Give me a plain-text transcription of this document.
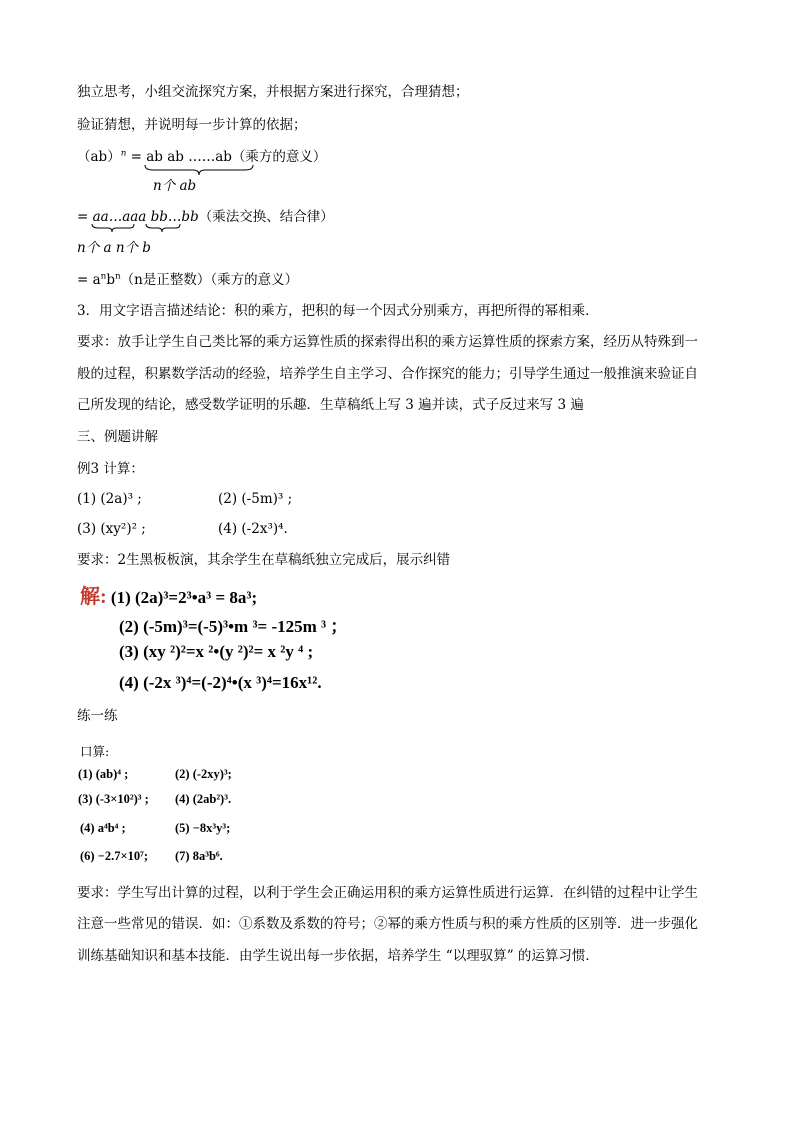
独立思考，小组交流探究方案，并根据方案进行探究，合理猜想；
验证猜想，并说明每一步计算的依据；
（ab）$^n$ = ab ab ……ab（乘方的意义）
n个 ab
= aa…aaa bb…bb（乘法交换、结合律）
n个 a n个 b
= $a^nb^n(n$是正整数）（乘方的意义）
3．用文字语言描述结论：积的乘方，把积的每一个因式分别乘方，再把所得的幂相乘．
要求：放手让学生自己类比幂的乘方运算性质的探索得出积的乘方运算性质的探索方案，经历从特殊到一
般的过程，积累数学活动的经验，培养学生自主学习、合作探究的能力；引导学生通过一般推演来验证自
己所发现的结论，感受数学证明的乐趣．生草稿纸上写 3 遍并读，式子反过来写 3 遍
三、例题讲解
例3 计算：
(1) (2a)³ ;	(2) (-5m)³ ;
(3) (xy²)² ;	(4) (-2x³)⁴.
要求：2生黑板板演，其余学生在草稿纸独立完成后，展示纠错
解: (1) (2a)³=2³•a³ = 8a³;
(2) (-5m)³=(-5)³•m ³= -125m ³ ；
(3) (xy ²)²=x ²•(y ²)²= x ²y ⁴ ;
(4) (-2x ³)⁴=(-2)⁴•(x ³)⁴=16x¹².
练一练
口算:
(1) (ab)⁴ ;	(2) (-2xy)³;
(3) (-3×10²)³ ; (4) (2ab²)³.
(4) a⁴b⁴ ;	(5) −8x³y³;
(6) −2.7×10⁷; (7) 8a³b⁶.
要求：学生写出计算的过程，以利于学生会正确运用积的乘方运算性质进行运算．在纠错的过程中让学生
注意一些常见的错误．如：①系数及系数的符号；②幂的乘方性质与积的乘方性质的区别等．进一步强化
训练基础知识和基本技能．由学生说出每一步依据，培养学生 “以理驭算” 的运算习惯．
